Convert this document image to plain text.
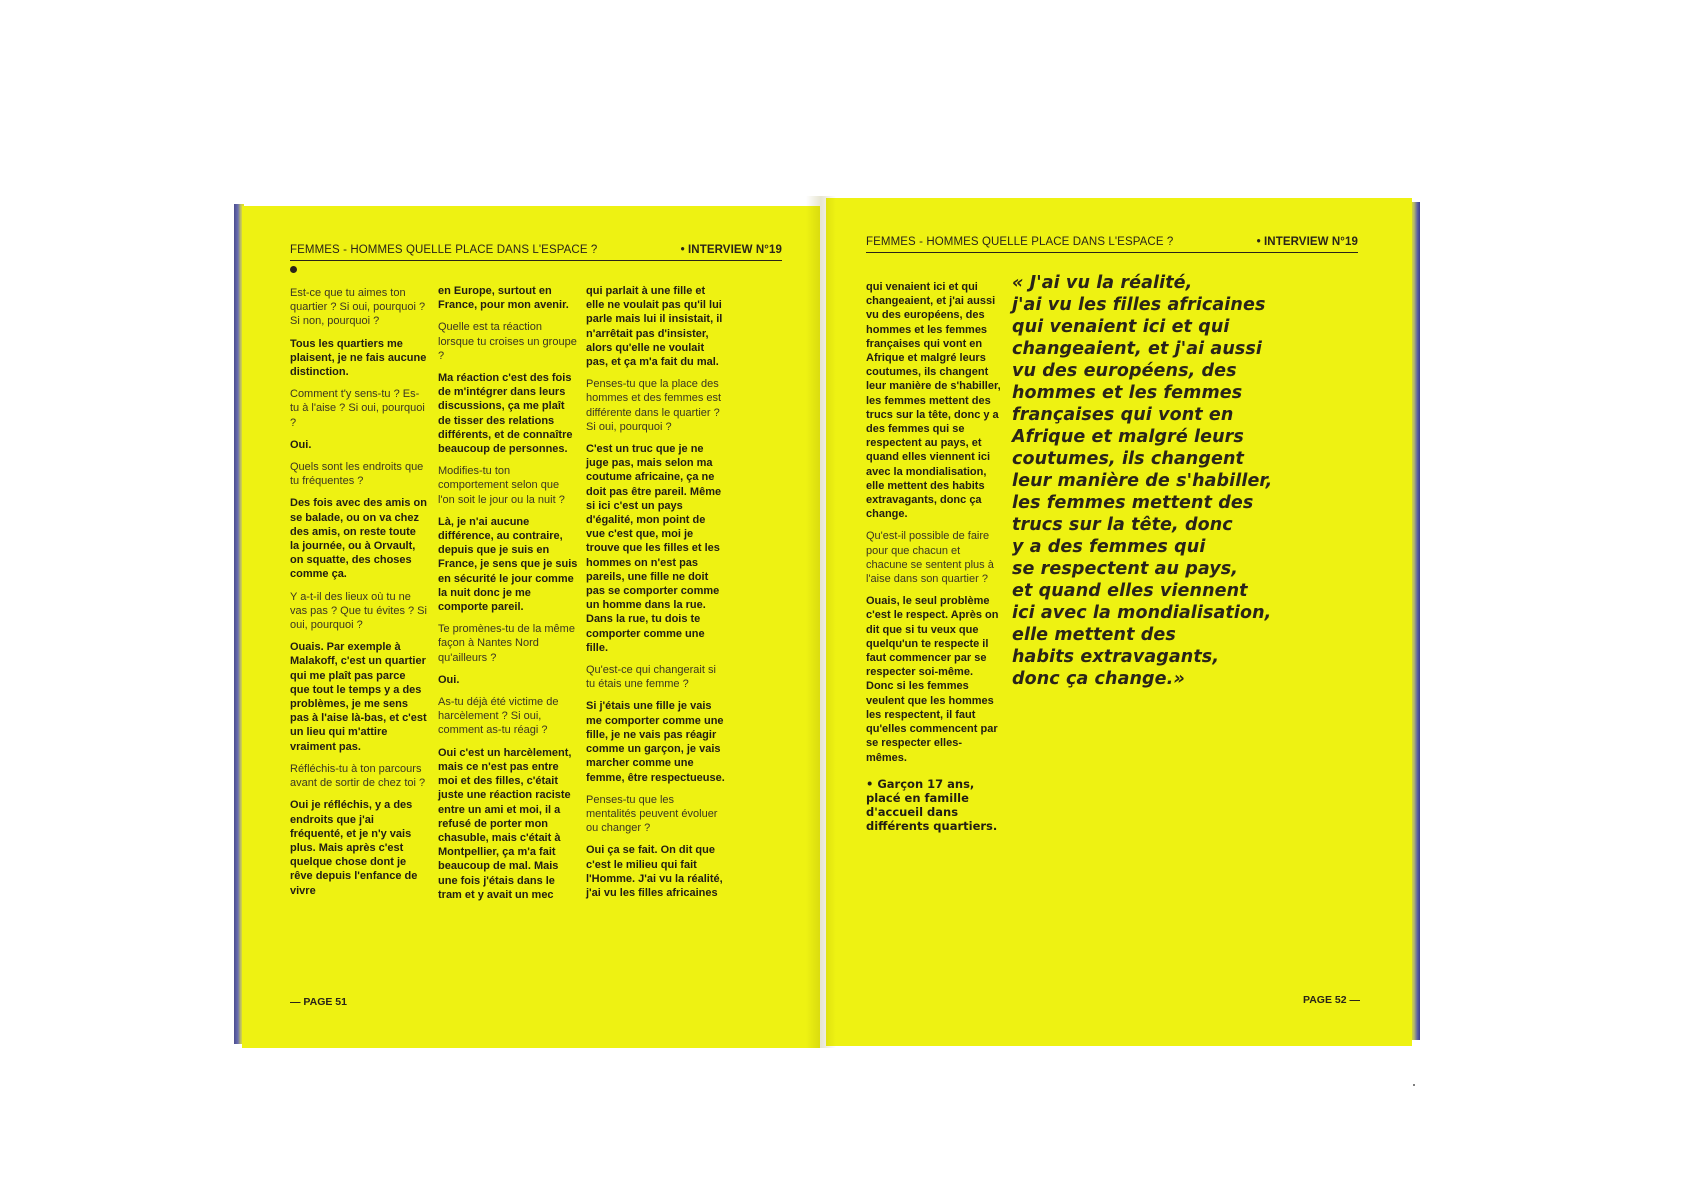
FEMMES - HOMMES QUELLE PLACE DANS L'ESPACE ?	• INTERVIEW N°19

Est-ce que tu aimes ton quartier ? Si oui, pourquoi ? Si non, pourquoi ?

Tous les quartiers me plaisent, je ne fais aucune distinction.

Comment t'y sens-tu ? Es-tu à l'aise ? Si oui, pourquoi ?

Oui.

Quels sont les endroits que tu fréquentes ?

Des fois avec des amis on se balade, ou on va chez des amis, on reste toute la journée, ou à Orvault, on squatte, des choses comme ça.

Y a-t-il des lieux où tu ne vas pas ? Que tu évites ? Si oui, pourquoi ?

Ouais. Par exemple à Malakoff, c'est un quartier qui me plaît pas parce que tout le temps y a des problèmes, je me sens pas à l'aise là-bas, et c'est un lieu qui m'attire vraiment pas.

Réfléchis-tu à ton parcours avant de sortir de chez toi ?

Oui je réfléchis, y a des endroits que j'ai fréquenté, et je n'y vais plus. Mais après c'est quelque chose dont je rêve depuis l'enfance de vivre

en Europe, surtout en France, pour mon avenir.

Quelle est ta réaction lorsque tu croises un groupe ?

Ma réaction c'est des fois de m'intégrer dans leurs discussions, ça me plaît de tisser des relations différents, et de connaître beaucoup de personnes.

Modifies-tu ton comportement selon que l'on soit le jour ou la nuit ?

Là, je n'ai aucune différence, au contraire, depuis que je suis en France, je sens que je suis en sécurité le jour comme la nuit donc je me comporte pareil.

Te promènes-tu de la même façon à Nantes Nord qu'ailleurs ?

Oui.

As-tu déjà été victime de harcèlement ? Si oui, comment as-tu réagi ?

Oui c'est un harcèlement, mais ce n'est pas entre moi et des filles, c'était juste une réaction raciste entre un ami et moi, il a refusé de porter mon chasuble, mais c'était à Montpellier, ça m'a fait beaucoup de mal. Mais une fois j'étais dans le tram et y avait un mec

qui parlait à une fille et elle ne voulait pas qu'il lui parle mais lui il insistait, il n'arrêtait pas d'insister, alors qu'elle ne voulait pas, et ça m'a fait du mal.

Penses-tu que la place des hommes et des femmes est différente dans le quartier ? Si oui, pourquoi ?

C'est un truc que je ne juge pas, mais selon ma coutume africaine, ça ne doit pas être pareil. Même si ici c'est un pays d'égalité, mon point de vue c'est que, moi je trouve que les filles et les hommes on n'est pas pareils, une fille ne doit pas se comporter comme un homme dans la rue. Dans la rue, tu dois te comporter comme une fille.

Qu'est-ce qui changerait si tu étais une femme ?

Si j'étais une fille je vais me comporter comme une fille, je ne vais pas réagir comme un garçon, je vais marcher comme une femme, être respectueuse.

Penses-tu que les mentalités peuvent évoluer ou changer ?

Oui ça se fait. On dit que c'est le milieu qui fait l'Homme. J'ai vu la réalité, j'ai vu les filles africaines

— PAGE 51
FEMMES - HOMMES QUELLE PLACE DANS L'ESPACE ?	• INTERVIEW N°19

qui venaient ici et qui changeaient, et j'ai aussi vu des européens, des hommes et les femmes françaises qui vont en Afrique et malgré leurs coutumes, ils changent leur manière de s'habiller, les femmes mettent des trucs sur la tête, donc y a des femmes qui se respectent au pays, et quand elles viennent ici avec la mondialisation, elle mettent des habits extravagants, donc ça change.

Qu'est-il possible de faire pour que chacun et chacune se sentent plus à l'aise dans son quartier ?

Ouais, le seul problème c'est le respect. Après on dit que si tu veux que quelqu'un te respecte il faut commencer par se respecter soi-même. Donc si les femmes veulent que les hommes les respectent, il faut qu'elles commencent par se respecter elles-mêmes.

• Garçon 17 ans, placé en famille d'accueil dans différents quartiers.
« J'ai vu la réalité,
j'ai vu les filles africaines
qui venaient ici et qui
changeaient, et j'ai aussi
vu des européens, des
hommes et les femmes
françaises qui vont en
Afrique et malgré leurs
coutumes, ils changent
leur manière de s'habiller,
les femmes mettent des
trucs sur la tête, donc
y a des femmes qui
se respectent au pays,
et quand elles viennent
ici avec la mondialisation,
elle mettent des
habits extravagants,
donc ça change.»
PAGE 52 —
